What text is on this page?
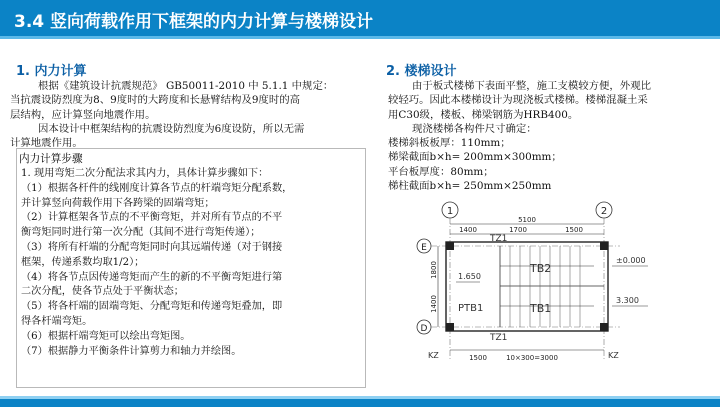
3.4 竖向荷载作用下框架的内力计算与楼梯设计
1. 内力计算
根据《建筑设计抗震规范》 GB50011-2010 中 5.1.1 中规定：
当抗震设防烈度为8、9度时的大跨度和长悬臂结构及9度时的高
层结构，应计算竖向地震作用。
因本设计中框架结构的抗震设防烈度为6度设防，所以无需
计算地震作用。
内力计算步骤
1. 现用弯矩二次分配法求其内力，具体计算步骤如下：
（1）根据各杆件的线刚度计算各节点的杆端弯矩分配系数，
并计算竖向荷载作用下各跨梁的固端弯矩；
（2）计算框架各节点的不平衡弯矩，并对所有节点的不平
衡弯矩同时进行第一次分配（其间不进行弯矩传递）；
（3）将所有杆端的分配弯矩同时向其远端传递（对于钢接
框架，传递系数均取1/2）；
（4）将各节点因传递弯矩而产生的新的不平衡弯矩进行第
二次分配，使各节点处于平衡状态；
（5）将各杆端的固端弯矩、分配弯矩和传递弯矩叠加，即
得各杆端弯矩。
（6）根据杆端弯矩可以绘出弯矩图。
（7）根据静力平衡条件计算剪力和轴力并绘图。
2. 楼梯设计
由于板式楼梯下表面平整，施工支模较方便，外观比
较轻巧。因此本楼梯设计为现浇板式楼梯。楼梯混凝土采
用C30级，楼板、梯梁钢筋为HRB400。
现浇楼梯各构件尺寸确定：
楼梯斜板板厚：110mm；
梯梁截面b×h= 200mm×300mm；
平台板厚度：80mm；
梯柱截面b×h= 250mm×250mm
1	2
E
D
5100
1400	1700	1500
1800
1400
TZ1
TZ1
TB2
TB1
PTB1
KZ	KZ
1.650
±0.000
3.300
10×300=3000
1500
